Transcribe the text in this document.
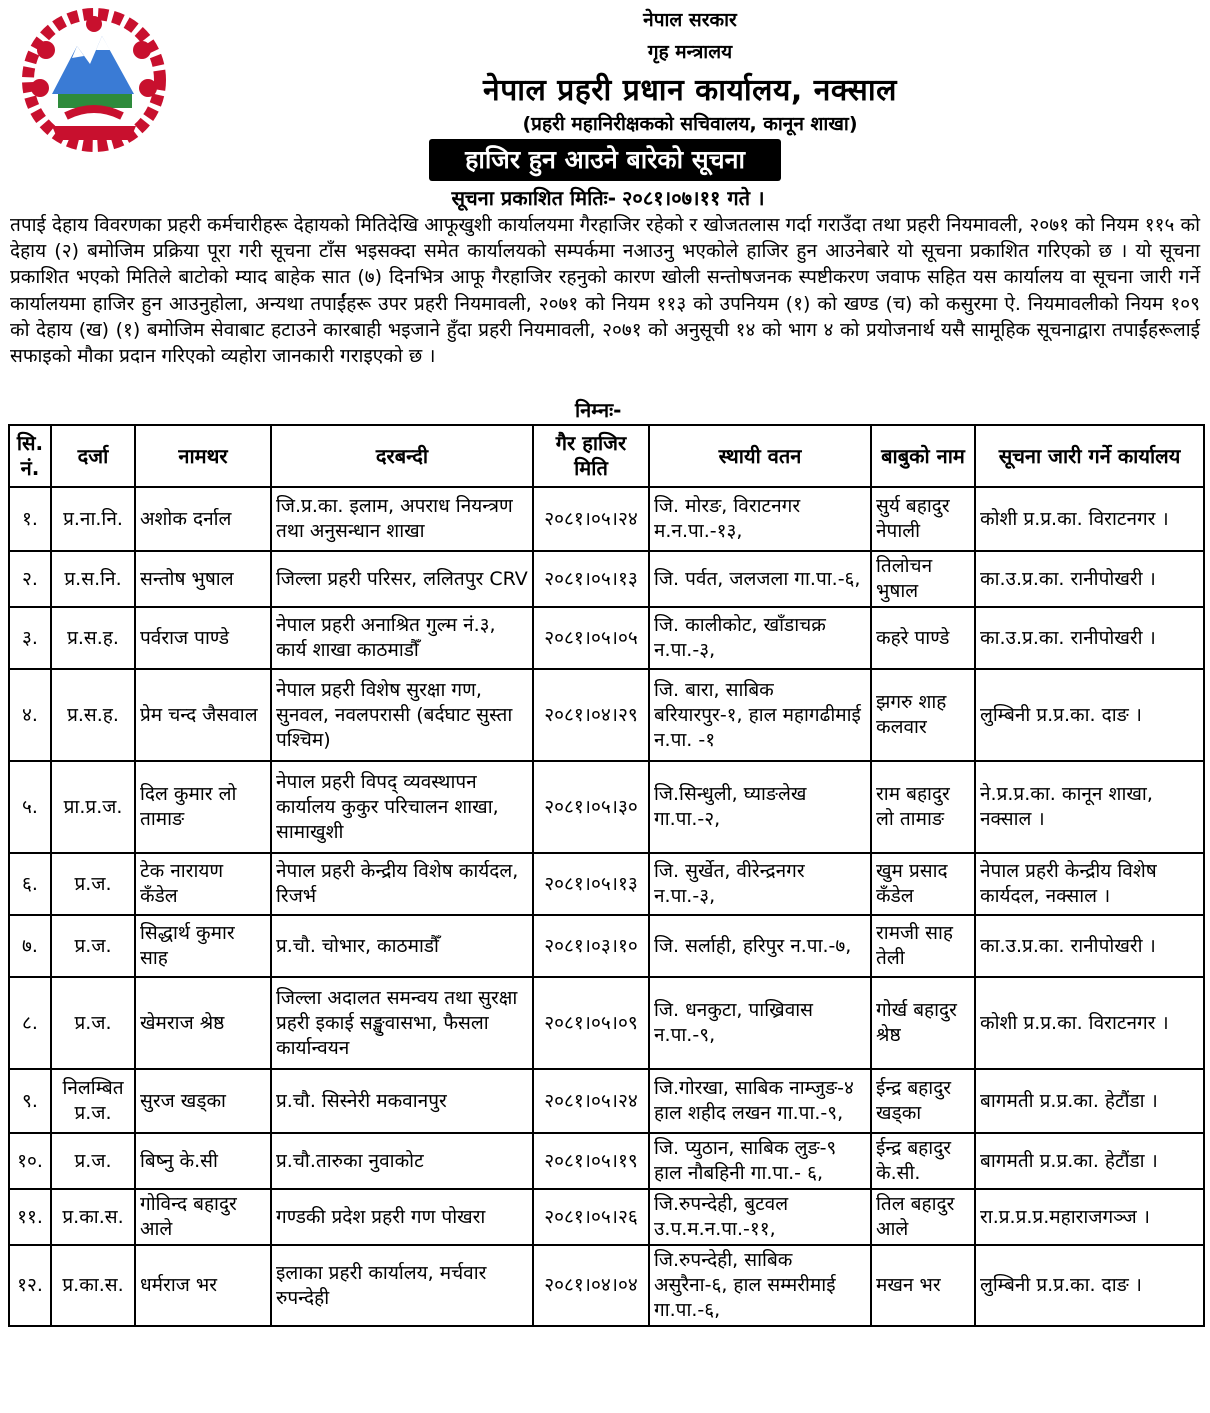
नेपाल सरकार
गृह मन्त्रालय
नेपाल प्रहरी प्रधान कार्यालय, नक्साल
(प्रहरी महानिरीक्षकको सचिवालय, कानून शाखा)
हाजिर हुन आउने बारेको सूचना
सूचना प्रकाशित मितिः- २०८१।०७।११ गते ।
तपाई देहाय विवरणका प्रहरी कर्मचारीहरू देहायको मितिदेखि आफूखुशी कार्यालयमा गैरहाजिर रहेको र खोजतलास गर्दा गराउँदा तथा प्रहरी नियमावली, २०७१ को नियम ११५ को देहाय (२) बमोजिम प्रक्रिया पूरा गरी सूचना टाँस भइसक्दा समेत कार्यालयको सम्पर्कमा नआउनु भएकोले हाजिर हुन आउनेबारे यो सूचना प्रकाशित गरिएको छ । यो सूचना प्रकाशित भएको मितिले बाटोको म्याद बाहेक सात (७) दिनभित्र आफू गैरहाजिर रहनुको कारण खोली सन्तोषजनक स्पष्टीकरण जवाफ सहित यस कार्यालय वा सूचना जारी गर्ने कार्यालयमा हाजिर हुन आउनुहोला, अन्यथा तपाईंहरू उपर प्रहरी नियमावली, २०७१ को नियम ११३ को उपनियम (१) को खण्ड (च) को कसुरमा ऐ. नियमावलीको नियम १०९ को देहाय (ख) (१) बमोजिम सेवाबाट हटाउने कारबाही भइजाने हुँदा प्रहरी नियमावली, २०७१ को अनुसूची १४ को भाग ४ को प्रयोजनार्थ यसै सामूहिक सूचनाद्वारा तपाईंहरूलाई सफाइको मौका प्रदान गरिएको व्यहोरा जानकारी गराइएको छ ।
निम्नः-
सि. नं.	दर्जा	नामथर	दरबन्दी	गैर हाजिर मिति	स्थायी वतन	बाबुको नाम	सूचना जारी गर्ने कार्यालय
१.	प्र.ना.नि.	अशोक दर्नाल	जि.प्र.का. इलाम, अपराध नियन्त्रण तथा अनुसन्धान शाखा	२०८१।०५।२४	जि. मोरङ, विराटनगर म.न.पा.-१३,	सुर्य बहादुर नेपाली	कोशी प्र.प्र.का. विराटनगर ।
२.	प्र.स.नि.	सन्तोष भुषाल	जिल्ला प्रहरी परिसर, ललितपुर CRV	२०८१।०५।१३	जि. पर्वत, जलजला गा.पा.-६,	तिलोचन भुषाल	का.उ.प्र.का. रानीपोखरी ।
३.	प्र.स.ह.	पर्वराज पाण्डे	नेपाल प्रहरी अनाश्रित गुल्म नं.३, कार्य शाखा काठमाडौँ	२०८१।०५।०५	जि. कालीकोट, खाँडाचक्र न.पा.-३,	कहरे पाण्डे	का.उ.प्र.का. रानीपोखरी ।
४.	प्र.स.ह.	प्रेम चन्द जैसवाल	नेपाल प्रहरी विशेष सुरक्षा गण, सुनवल, नवलपरासी (बर्दघाट सुस्ता पश्चिम)	२०८१।०४।२९	जि. बारा, साबिक बरियारपुर-१, हाल महागढीमाई न.पा. -१	झगरु शाह कलवार	लुम्बिनी प्र.प्र.का. दाङ ।
५.	प्रा.प्र.ज.	दिल कुमार लो तामाङ	नेपाल प्रहरी विपद् व्यवस्थापन कार्यालय कुकुर परिचालन शाखा, सामाखुशी	२०८१।०५।३०	जि.सिन्धुली, घ्याङलेख गा.पा.-२,	राम बहादुर लो तामाङ	ने.प्र.प्र.का. कानून शाखा, नक्साल ।
६.	प्र.ज.	टेक नारायण कँडेल	नेपाल प्रहरी केन्द्रीय विशेष कार्यदल, रिजर्भ	२०८१।०५।१३	जि. सुर्खेत, वीरेन्द्रनगर न.पा.-३,	खुम प्रसाद कँडेल	नेपाल प्रहरी केन्द्रीय विशेष कार्यदल, नक्साल ।
७.	प्र.ज.	सिद्धार्थ कुमार साह	प्र.चौ. चोभार, काठमाडौँ	२०८१।०३।१०	जि. सर्लाही, हरिपुर न.पा.-७,	रामजी साह तेली	का.उ.प्र.का. रानीपोखरी ।
८.	प्र.ज.	खेमराज श्रेष्ठ	जिल्ला अदालत समन्वय तथा सुरक्षा प्रहरी इकाई सङ्खुवासभा, फैसला कार्यान्वयन	२०८१।०५।०९	जि. धनकुटा, पाख्रिवास न.पा.-९,	गोर्ख बहादुर श्रेष्ठ	कोशी प्र.प्र.का. विराटनगर ।
९.	निलम्बित प्र.ज.	सुरज खड्का	प्र.चौ. सिस्नेरी मकवानपुर	२०८१।०५।२४	जि.गोरखा, साबिक नाम्जुङ-४ हाल शहीद लखन गा.पा.-९,	ईन्द्र बहादुर खड्का	बागमती प्र.प्र.का. हेटौंडा ।
१०.	प्र.ज.	बिष्नु के.सी	प्र.चौ.तारुका नुवाकोट	२०८१।०५।१९	जि. प्युठान, साबिक लुङ-९ हाल नौबहिनी गा.पा.- ६,	ईन्द्र बहादुर के.सी.	बागमती प्र.प्र.का. हेटौंडा ।
११.	प्र.का.स.	गोविन्द बहादुर आले	गण्डकी प्रदेश प्रहरी गण पोखरा	२०८१।०५।२६	जि.रुपन्देही, बुटवल उ.प.म.न.पा.-११,	तिल बहादुर आले	रा.प्र.प्र.प्र.महाराजगञ्ज ।
१२.	प्र.का.स.	धर्मराज भर	इलाका प्रहरी कार्यालय, मर्चवार रुपन्देही	२०८१।०४।०४	जि.रुपन्देही, साबिक असुरैना-६, हाल सम्मरीमाई गा.पा.-६,	मखन भर	लुम्बिनी प्र.प्र.का. दाङ ।
